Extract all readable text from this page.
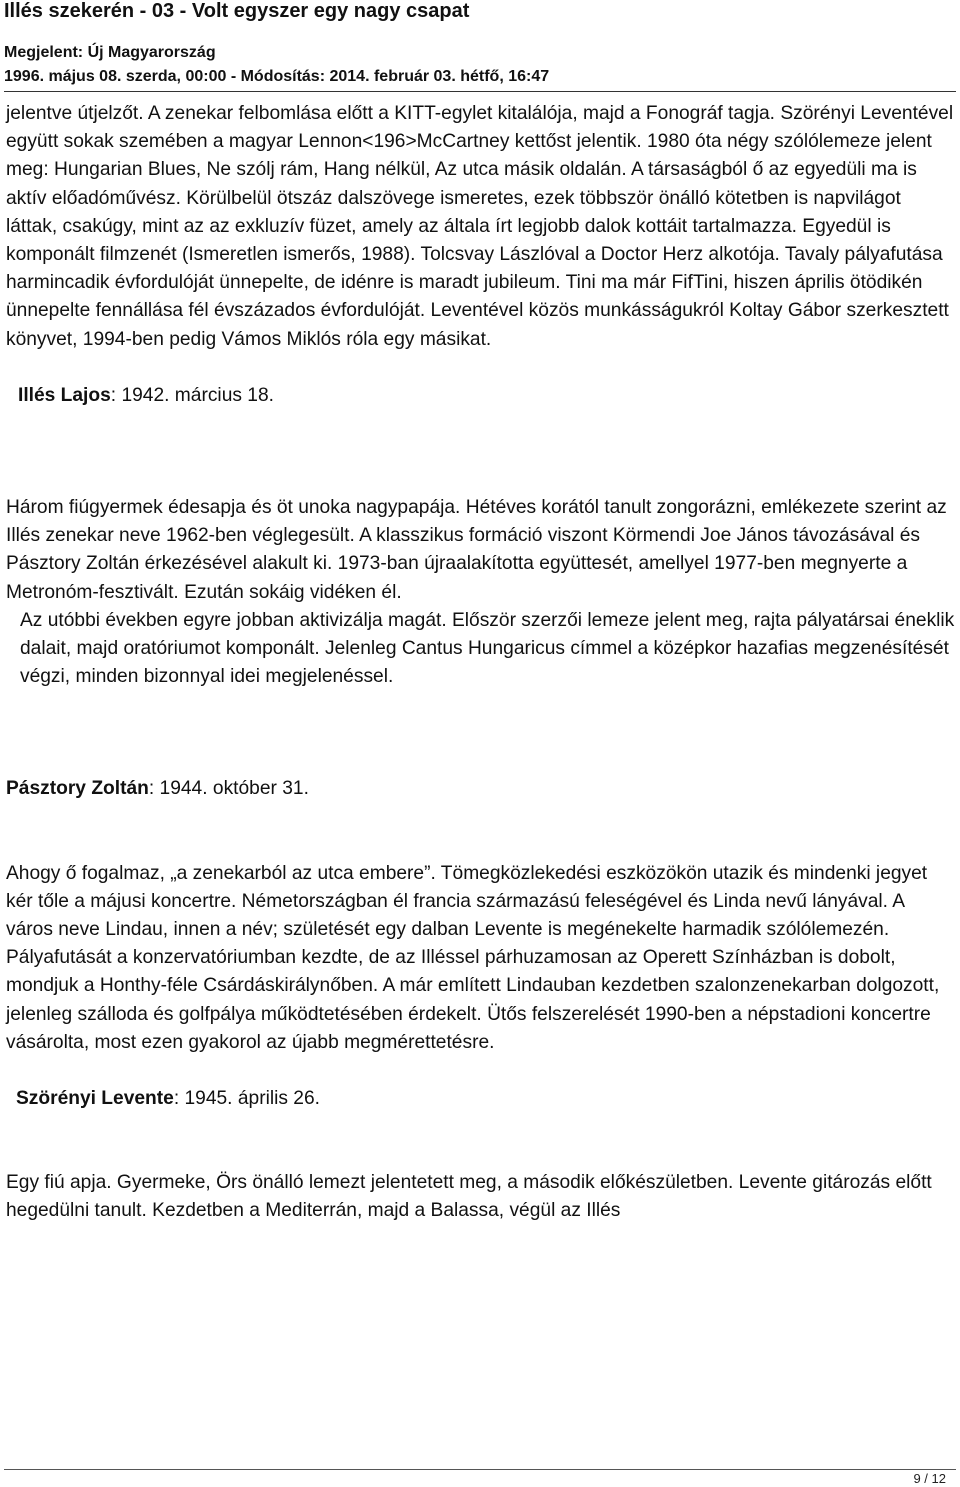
Illés szekerén - 03 - Volt egyszer egy nagy csapat
Megjelent: Új Magyarország
1996. május 08. szerda, 00:00 - Módosítás: 2014. február 03. hétfő, 16:47

jelentve útjelzőt. A zenekar felbomlása előtt a KITT-egylet kitalálója, majd a Fonográf tagja. Szörényi Leventével együtt sokak szemében a magyar Lennon<196>McCartney kettőst jelentik. 1980 óta négy szólólemeze jelent meg: Hungarian Blues, Ne szólj rám, Hang nélkül, Az utca másik oldalán. A társaságból ő az egyedüli ma is aktív előadóművész. Körülbelül ötszáz dalszövege ismeretes, ezek többször önálló kötetben is napvilágot láttak, csakúgy, mint az az exkluzív füzet, amely az általa írt legjobb dalok kottáit tartalmazza. Egyedül is komponált filmzenét (Ismeretlen ismerős, 1988). Tolcsvay Lászlóval a Doctor Herz alkotója. Tavaly pályafutása harmincadik évfordulóját ünnepelte, de idénre is maradt jubileum. Tini ma már FifTini, hiszen április ötödikén ünnepelte fennállása fél évszázados évfordulóját. Leventével közös munkásságukról Koltay Gábor szerkesztett könyvet, 1994-ben pedig Vámos Miklós róla egy másikat.

Illés Lajos: 1942. március 18.

Három fiúgyermek édesapja és öt unoka nagypapája. Hétéves korától tanult zongorázni, emlékezete szerint az Illés zenekar neve 1962-ben véglegesült. A klasszikus formáció viszont Körmendi Joe János távozásával és Pásztory Zoltán érkezésével alakult ki. 1973-ban újraalakította együttesét, amellyel 1977-ben megnyerte a Metronóm-fesztivált. Ezután sokáig vidéken él.

Az utóbbi években egyre jobban aktivizálja magát. Először szerzői lemeze jelent meg, rajta pályatársai éneklik dalait, majd oratóriumot komponált. Jelenleg Cantus Hungaricus címmel a középkor hazafias megzenésítését végzi, minden bizonnyal idei megjelenéssel.

Pásztory Zoltán: 1944. október 31.

Ahogy ő fogalmaz, „a zenekarból az utca embere”. Tömegközlekedési eszközökön utazik és mindenki jegyet kér tőle a májusi koncertre. Németországban él francia származású feleségével és Linda nevű lányával. A város neve Lindau, innen a név; születését egy dalban Levente is megénekelte harmadik szólólemezén. Pályafutását a konzervatóriumban kezdte, de az Illéssel párhuzamosan az Operett Színházban is dobolt, mondjuk a Honthy-féle Csárdáskirálynőben. A már említett Lindauban kezdetben szalonzenekarban dolgozott, jelenleg szálloda és golfpálya működtetésében érdekelt. Ütős felszerelését 1990-ben a népstadioni koncertre vásárolta, most ezen gyakorol az újabb megmérettetésre.

Szörényi Levente: 1945. április 26.

Egy fiú apja. Gyermeke, Örs önálló lemezt jelentetett meg, a második előkészületben. Levente gitározás előtt hegedülni tanult. Kezdetben a Mediterrán, majd a Balassa, végül az Illés

9 / 12
